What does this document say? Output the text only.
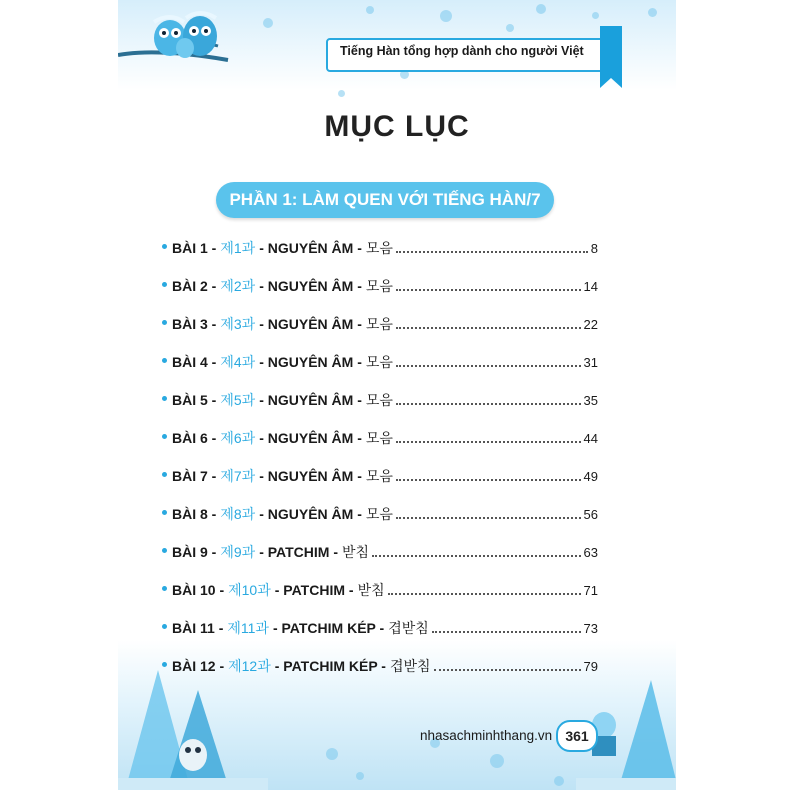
Tiếng Hàn tổng hợp dành cho người Việt
MỤC LỤC
PHẦN 1: LÀM QUEN VỚI TIẾNG HÀN/7
BÀI 1 - 제1과 - NGUYÊN ÂM - 모음	8
BÀI 2 - 제2과 - NGUYÊN ÂM - 모음	14
BÀI 3 - 제3과 - NGUYÊN ÂM - 모음	22
BÀI 4 - 제4과 - NGUYÊN ÂM - 모음	31
BÀI 5 - 제5과 - NGUYÊN ÂM - 모음	35
BÀI 6 - 제6과 - NGUYÊN ÂM - 모음	44
BÀI 7 - 제7과 - NGUYÊN ÂM - 모음	49
BÀI 8 - 제8과 - NGUYÊN ÂM - 모음	56
BÀI 9 - 제9과 - PATCHIM - 받침	63
BÀI 10 - 제10과 - PATCHIM - 받침	71
BÀI 11 - 제11과 - PATCHIM KÉP - 겹받침	73
BÀI 12 - 제12과 - PATCHIM KÉP - 겹받침	79
nhasachminhthang.vn 361
